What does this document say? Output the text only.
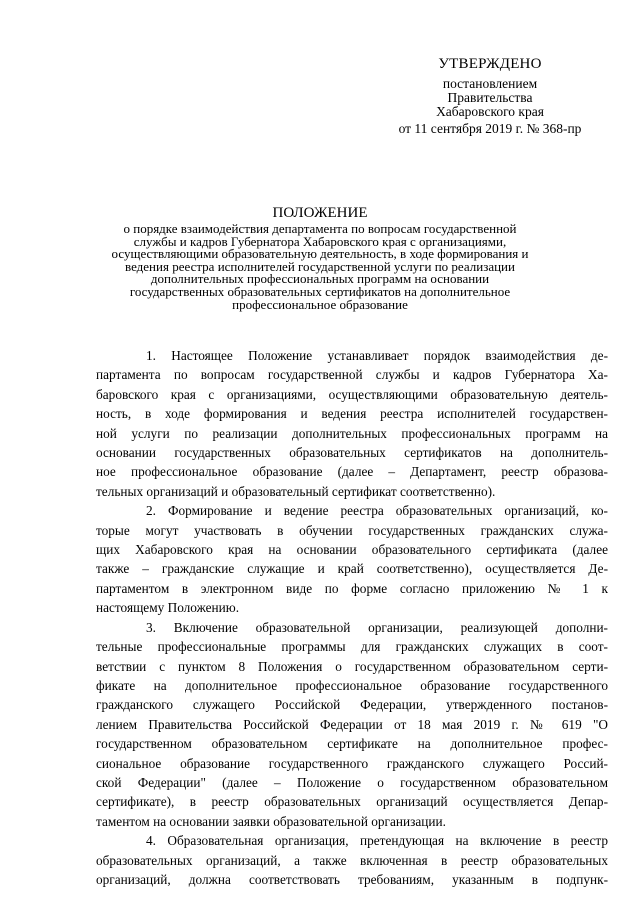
УТВЕРЖДЕНО
постановлением
Правительства
Хабаровского края
от 11 сентября 2019 г. № 368-пр
ПОЛОЖЕНИЕ
о порядке взаимодействия департамента по вопросам государственной
службы и кадров Губернатора Хабаровского края с организациями,
осуществляющими образовательную деятельность, в ходе формирования и
ведения реестра исполнителей государственной услуги по реализации
дополнительных профессиональных программ на основании
государственных образовательных сертификатов на дополнительное
профессиональное образование
1. Настоящее Положение устанавливает порядок взаимодействия де-
партамента по вопросам государственной службы и кадров Губернатора Ха-
баровского края с организациями, осуществляющими образовательную деятель-
ность, в ходе формирования и ведения реестра исполнителей государствен-
ной услуги по реализации дополнительных профессиональных программ на
основании государственных образовательных сертификатов на дополнитель-
ное профессиональное образование (далее – Департамент, реестр образова-
тельных организаций и образовательный сертификат соответственно).
2. Формирование и ведение реестра образовательных организаций, ко-
торые могут участвовать в обучении государственных гражданских служа-
щих Хабаровского края на основании образовательного сертификата (далее
также – гражданские служащие и край соответственно), осуществляется Де-
партаментом в электронном виде по форме согласно приложению № 1 к
настоящему Положению.
3. Включение образовательной организации, реализующей дополни-
тельные профессиональные программы для гражданских служащих в соот-
ветствии с пунктом 8 Положения о государственном образовательном серти-
фикате на дополнительное профессиональное образование государственного
гражданского служащего Российской Федерации, утвержденного постанов-
лением Правительства Российской Федерации от 18 мая 2019 г. № 619 "О
государственном образовательном сертификате на дополнительное профес-
сиональное образование государственного гражданского служащего Россий-
ской Федерации" (далее – Положение о государственном образовательном
сертификате), в реестр образовательных организаций осуществляется Депар-
таментом на основании заявки образовательной организации.
4. Образовательная организация, претендующая на включение в реестр
образовательных организаций, а также включенная в реестр образовательных
организаций, должна соответствовать требованиям, указанным в подпунк-
